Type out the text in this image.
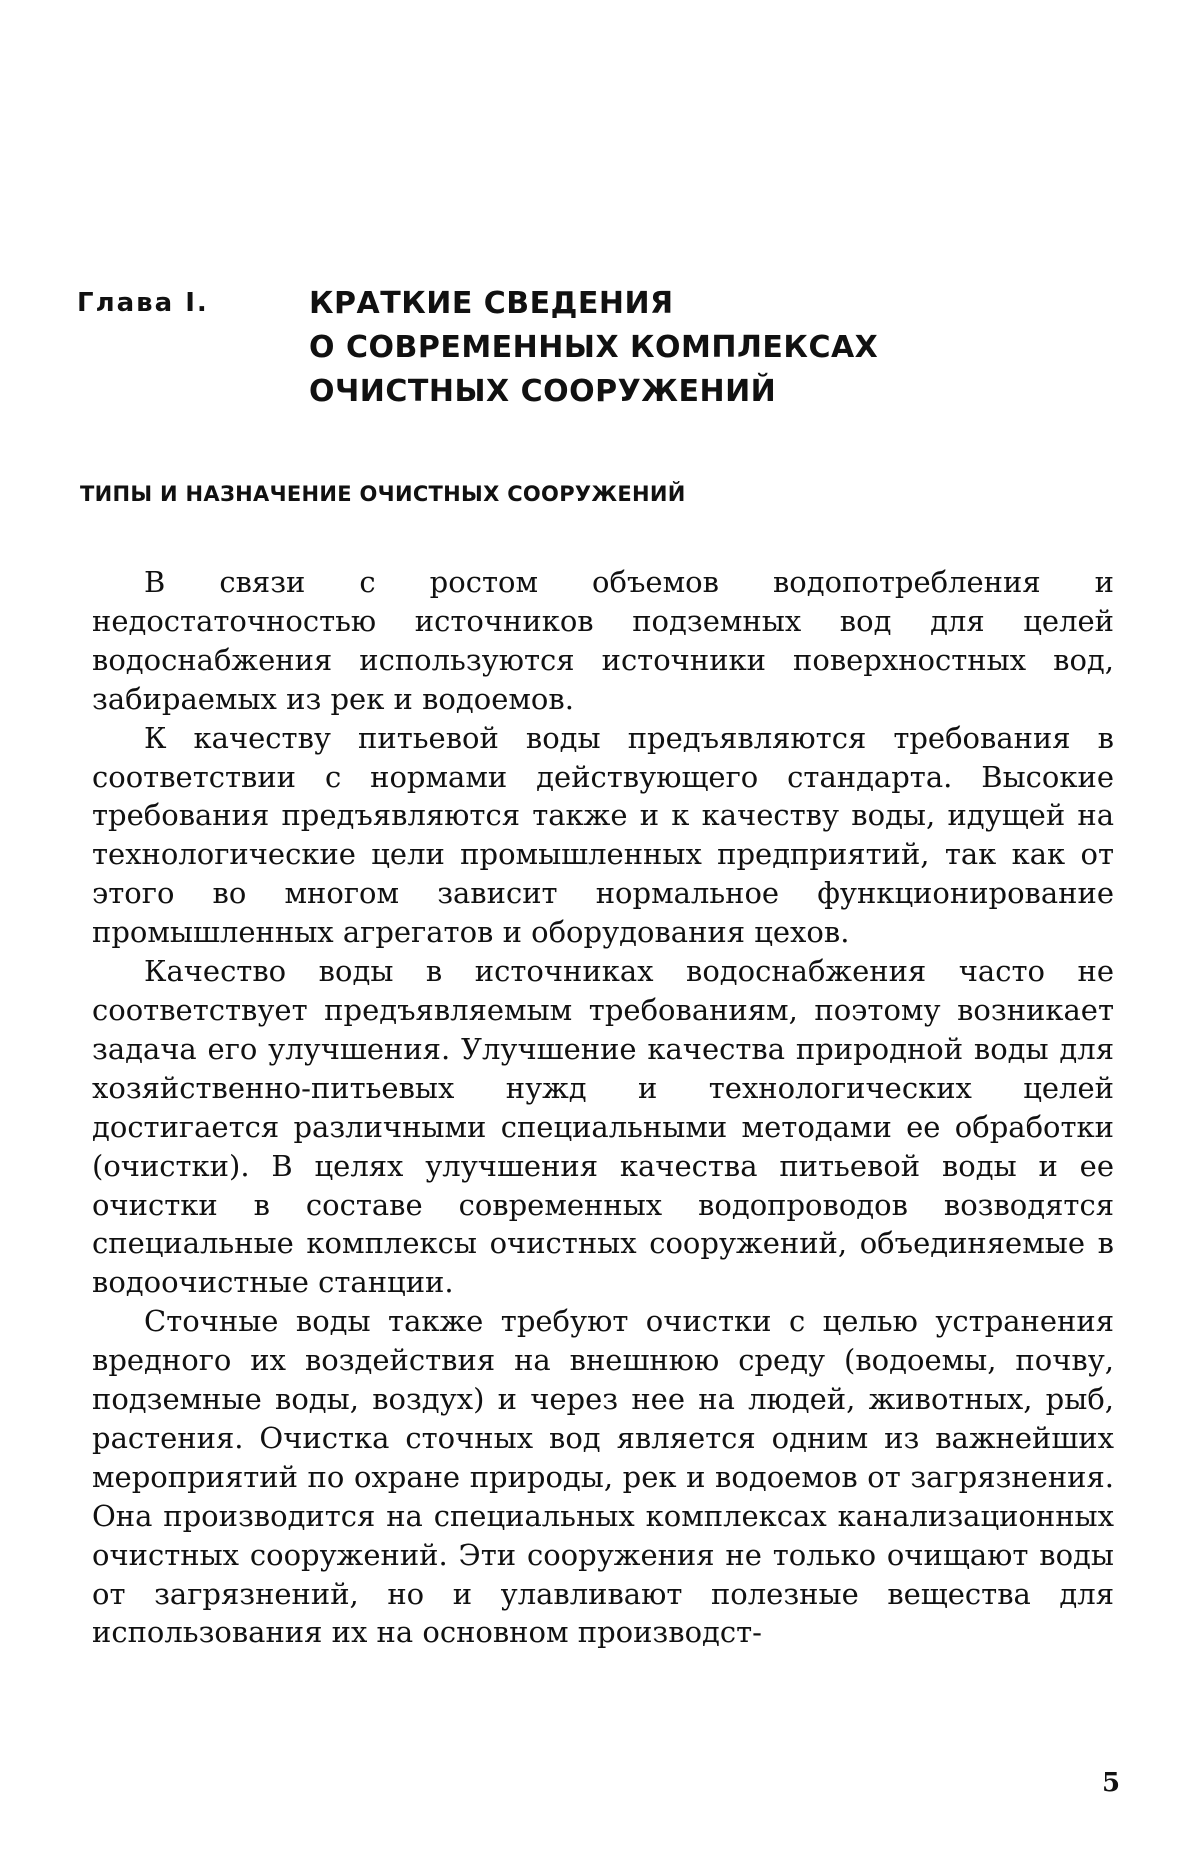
Глава I.	КРАТКИЕ СВЕДЕНИЯ
О СОВРЕМЕННЫХ КОМПЛЕКСАХ
ОЧИСТНЫХ СООРУЖЕНИЙ
ТИПЫ И НАЗНАЧЕНИЕ ОЧИСТНЫХ СООРУЖЕНИЙ

В связи с ростом объемов водопотребления и недостаточностью источников подземных вод для целей водоснабжения используются источники поверхностных вод, забираемых из рек и водоемов.

К качеству питьевой воды предъявляются требования в соответствии с нормами действующего стандарта. Высокие требования предъявляются также и к качеству воды, идущей на технологические цели промышленных предприятий, так как от этого во многом зависит нормальное функционирование промышленных агрегатов и оборудования цехов.

Качество воды в источниках водоснабжения часто не соответствует предъявляемым требованиям, поэтому возникает задача его улучшения. Улучшение качества природной воды для хозяйственно-питьевых нужд и технологических целей достигается различными специальными методами ее обработки (очистки). В целях улучшения качества питьевой воды и ее очистки в составе современных водопроводов возводятся специальные комплексы очистных сооружений, объединяемые в водоочистные станции.

Сточные воды также требуют очистки с целью устранения вредного их воздействия на внешнюю среду (водоемы, почву, подземные воды, воздух) и через нее на людей, животных, рыб, растения. Очистка сточных вод является одним из важнейших мероприятий по охране природы, рек и водоемов от загрязнения. Она производится на специальных комплексах канализационных очистных сооружений. Эти сооружения не только очищают воды от загрязнений, но и улавливают полезные вещества для использования их на основном производст-

5
